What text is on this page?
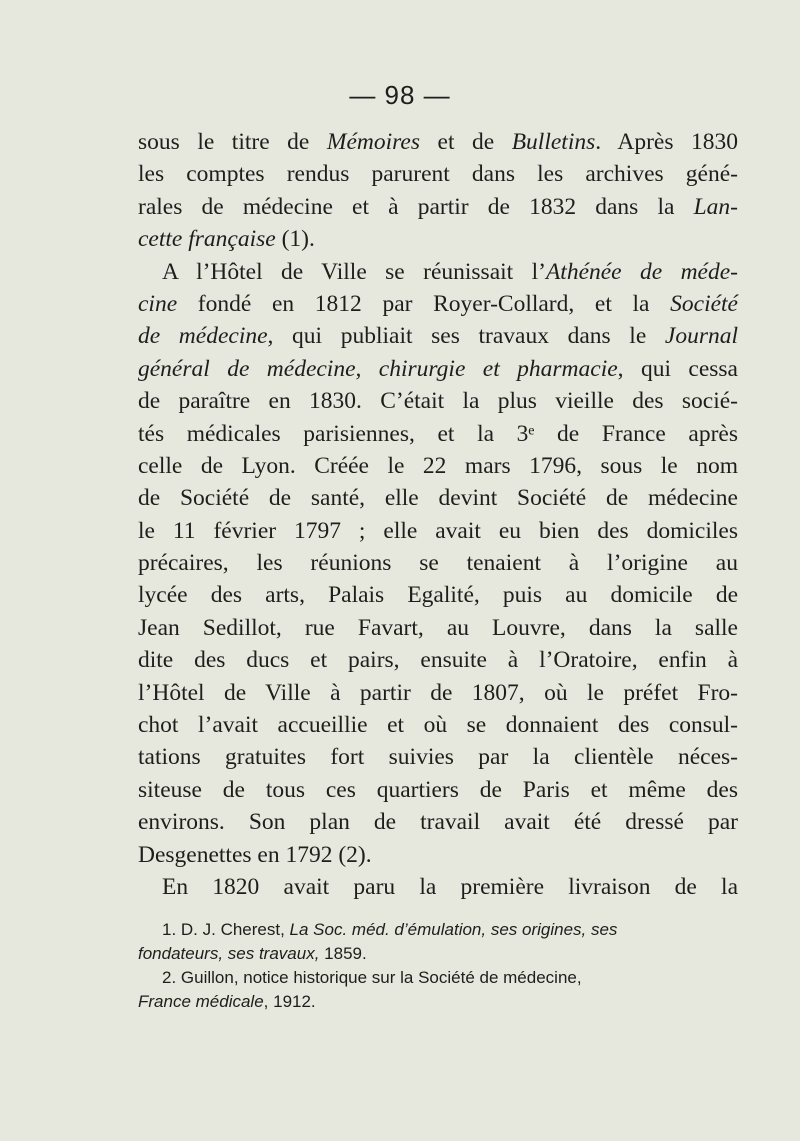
— 98 —
sous le titre de Mémoires et de Bulletins. Après 1830
les comptes rendus parurent dans les archives géné-
rales de médecine et à partir de 1832 dans la Lan-
cette française (1).
A l’Hôtel de Ville se réunissait l’Athénée de méde-
cine fondé en 1812 par Royer-Collard, et la Société
de médecine, qui publiait ses travaux dans le Journal
général de médecine, chirurgie et pharmacie, qui cessa
de paraître en 1830. C’était la plus vieille des socié-
tés médicales parisiennes, et la 3ᵉ de France après
celle de Lyon. Créée le 22 mars 1796, sous le nom
de Société de santé, elle devint Société de médecine
le 11 février 1797 ; elle avait eu bien des domiciles
précaires, les réunions se tenaient à l’origine au
lycée des arts, Palais Egalité, puis au domicile de
Jean Sedillot, rue Favart, au Louvre, dans la salle
dite des ducs et pairs, ensuite à l’Oratoire, enfin à
l’Hôtel de Ville à partir de 1807, où le préfet Fro-
chot l’avait accueillie et où se donnaient des consul-
tations gratuites fort suivies par la clientèle néces-
siteuse de tous ces quartiers de Paris et même des
environs. Son plan de travail avait été dressé par
Desgenettes en 1792 (2).
En 1820 avait paru la première livraison de la
1. D. J. Cherest, La Soc. méd. d’émulation, ses origines, ses
fondateurs, ses travaux, 1859.
2. Guillon, notice historique sur la Société de médecine,
France médicale, 1912.
